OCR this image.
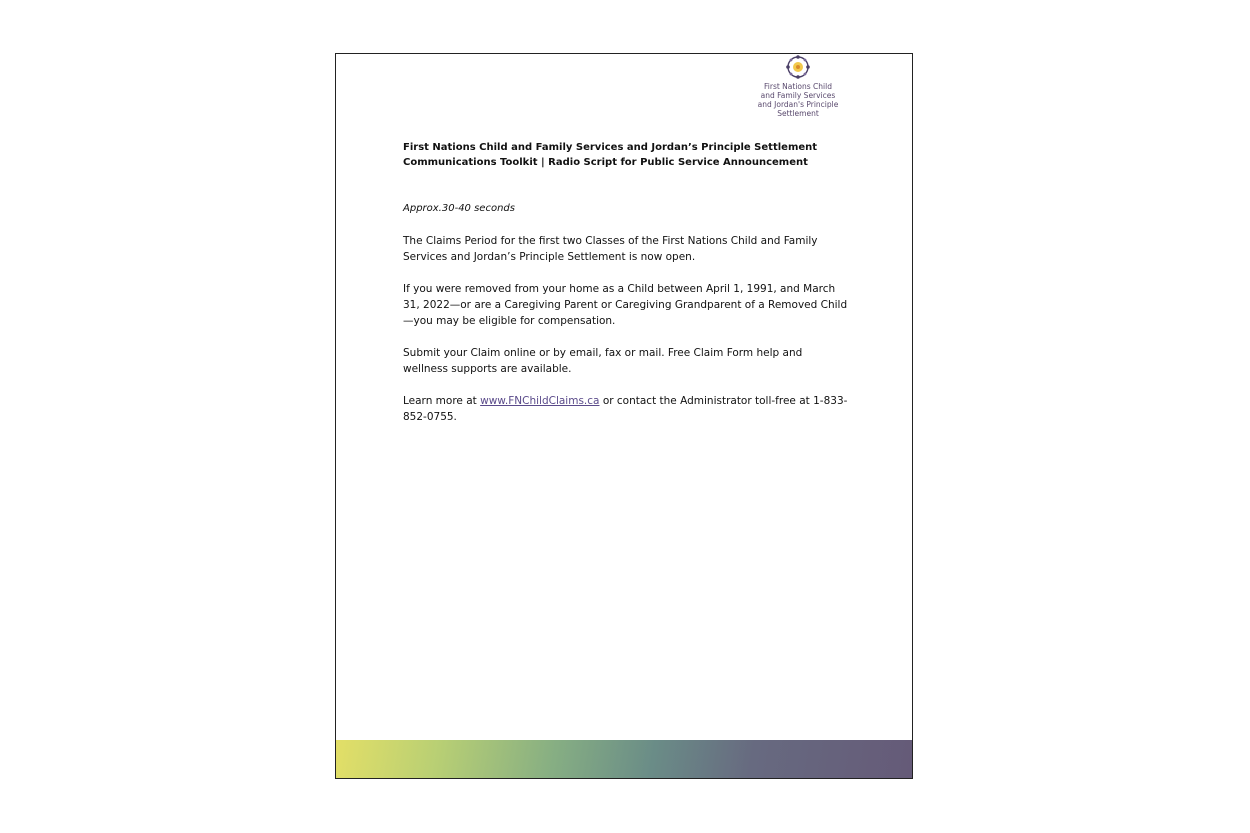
First Nations Child
and Family Services
and Jordan's Principle
Settlement
First Nations Child and Family Services and Jordan’s Principle Settlement
Communications Toolkit | Radio Script for Public Service Announcement
Approx.30-40 seconds

The Claims Period for the first two Classes of the First Nations Child and Family Services and Jordan’s Principle Settlement is now open.

If you were removed from your home as a Child between April 1, 1991, and March 31, 2022—or are a Caregiving Parent or Caregiving Grandparent of a Removed Child—you may be eligible for compensation.

Submit your Claim online or by email, fax or mail. Free Claim Form help and wellness supports are available.

Learn more at www.FNChildClaims.ca or contact the Administrator toll-free at 1-833-852-0755.
